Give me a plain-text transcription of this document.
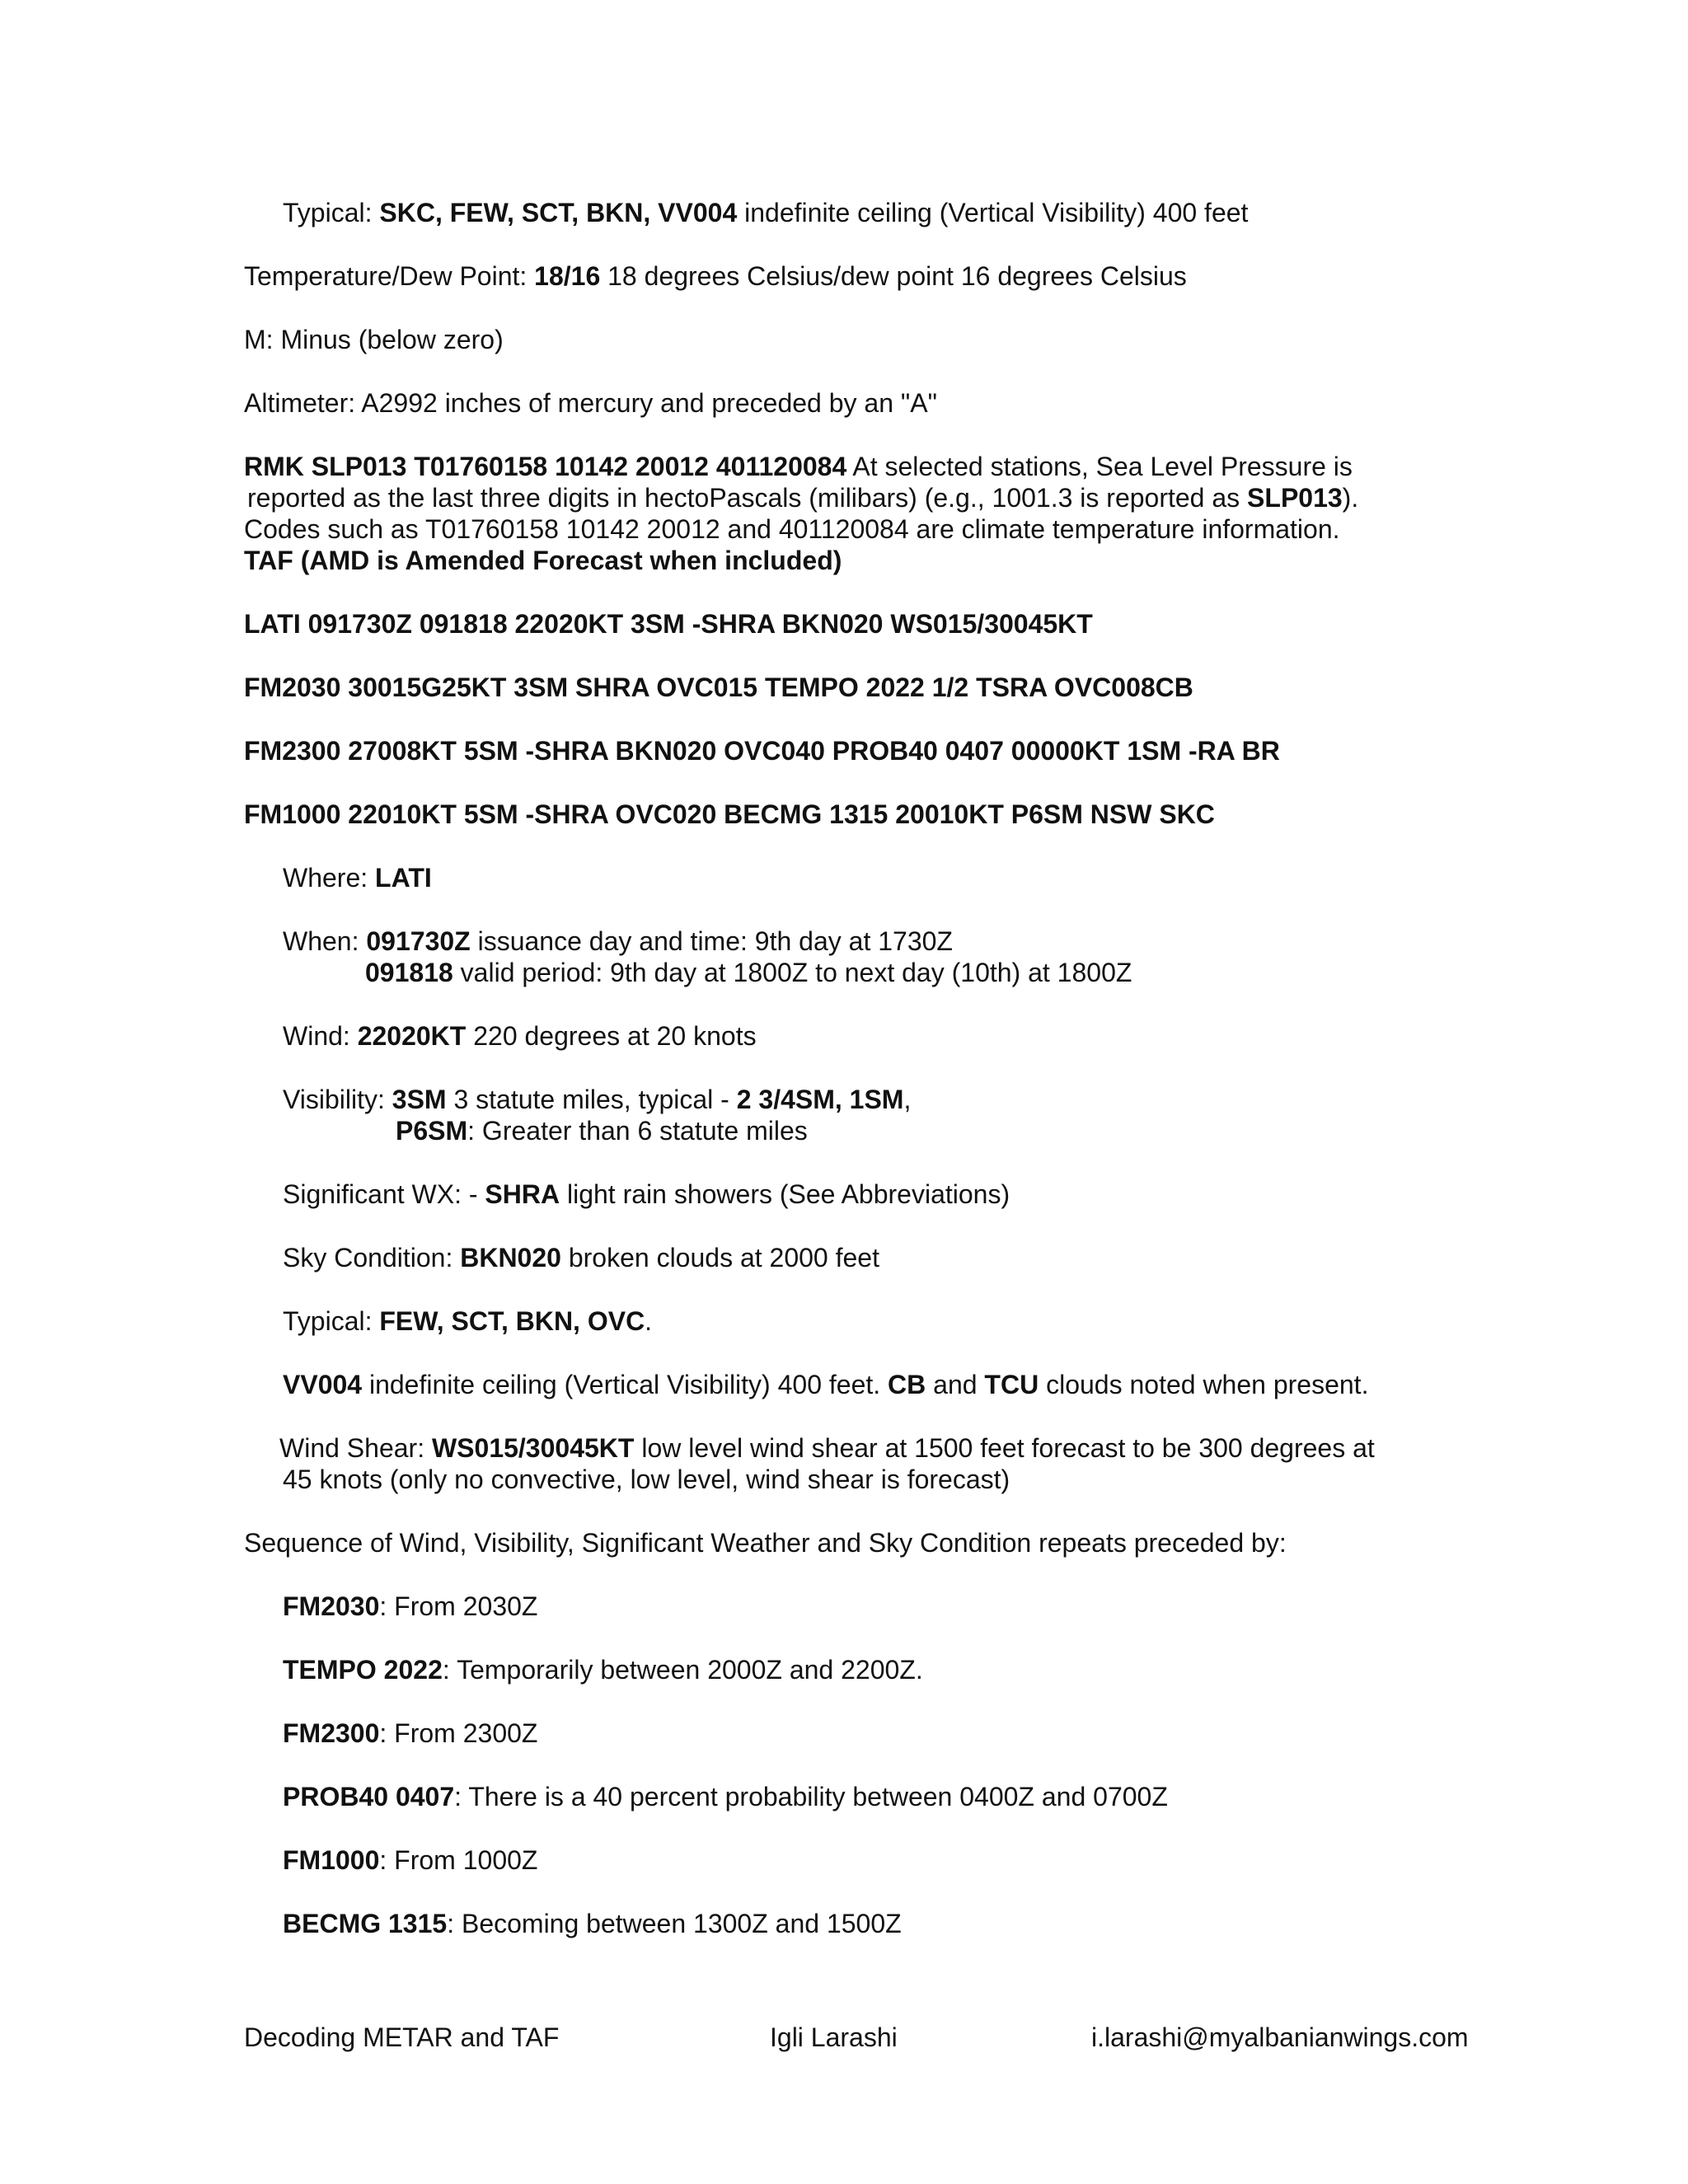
Typical: SKC, FEW, SCT, BKN, VV004 indefinite ceiling (Vertical Visibility) 400 feet

Temperature/Dew Point: 18/16 18 degrees Celsius/dew point 16 degrees Celsius

M: Minus (below zero)

Altimeter: A2992 inches of mercury and preceded by an "A"

RMK SLP013 T01760158 10142 20012 401120084 At selected stations, Sea Level Pressure is

reported as the last three digits in hectoPascals (milibars) (e.g., 1001.3 is reported as SLP013).

Codes such as T01760158 10142 20012 and 401120084 are climate temperature information.

TAF (AMD is Amended Forecast when included)

LATI 091730Z 091818 22020KT 3SM -SHRA BKN020 WS015/30045KT

FM2030 30015G25KT 3SM SHRA OVC015 TEMPO 2022 1/2 TSRA OVC008CB

FM2300 27008KT 5SM -SHRA BKN020 OVC040 PROB40 0407 00000KT 1SM -RA BR

FM1000 22010KT 5SM -SHRA OVC020 BECMG 1315 20010KT P6SM NSW SKC

Where: LATI

When: 091730Z issuance day and time: 9th day at 1730Z

091818 valid period: 9th day at 1800Z to next day (10th) at 1800Z

Wind: 22020KT 220 degrees at 20 knots

Visibility: 3SM 3 statute miles, typical - 2 3/4SM, 1SM,

P6SM: Greater than 6 statute miles

Significant WX: - SHRA light rain showers (See Abbreviations)

Sky Condition: BKN020 broken clouds at 2000 feet

Typical: FEW, SCT, BKN, OVC.

VV004 indefinite ceiling (Vertical Visibility) 400 feet. CB and TCU clouds noted when present.

Wind Shear: WS015/30045KT low level wind shear at 1500 feet forecast to be 300 degrees at

45 knots (only no convective, low level, wind shear is forecast)

Sequence of Wind, Visibility, Significant Weather and Sky Condition repeats preceded by:

FM2030: From 2030Z

TEMPO 2022: Temporarily between 2000Z and 2200Z.

FM2300: From 2300Z

PROB40 0407: There is a 40 percent probability between 0400Z and 0700Z

FM1000: From 1000Z

BECMG 1315: Becoming between 1300Z and 1500Z

Decoding METAR and TAF	Igli Larashi	i.larashi@myalbanianwings.com
